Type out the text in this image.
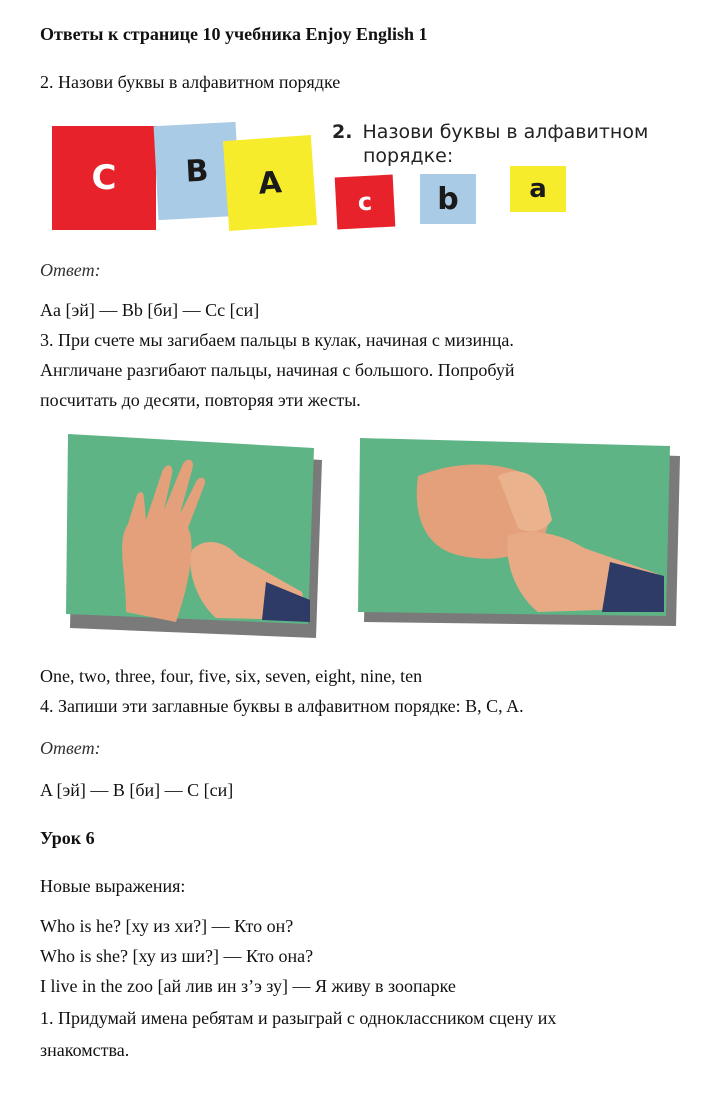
Ответы к странице 10 учебника Enjoy English 1
2. Назови буквы в алфавитном порядке
C B A
c b	a
2. Назови буквы в алфавитном
порядке:
Ответ:
Aa [эй] — Bb [би] — Cc [си]
3. При счете мы загибаем пальцы в кулак, начиная с мизинца.
Англичане разгибают пальцы, начиная с большого. Попробуй
посчитать до десяти, повторяя эти жесты.
One, two, three, four, five, six, seven, eight, nine, ten
4. Запиши эти заглавные буквы в алфавитном порядке: B, C, A.
Ответ:
A [эй] — B [би] — C [си]
Урок 6
Новые выражения:
Who is he? [ху из хи?] — Кто он?
Who is she? [ху из ши?] — Кто она?
I live in the zoo [ай лив ин з’э зу] — Я живу в зоопарке
1. Придумай имена ребятам и разыграй с одноклассником сцену их
знакомства.
